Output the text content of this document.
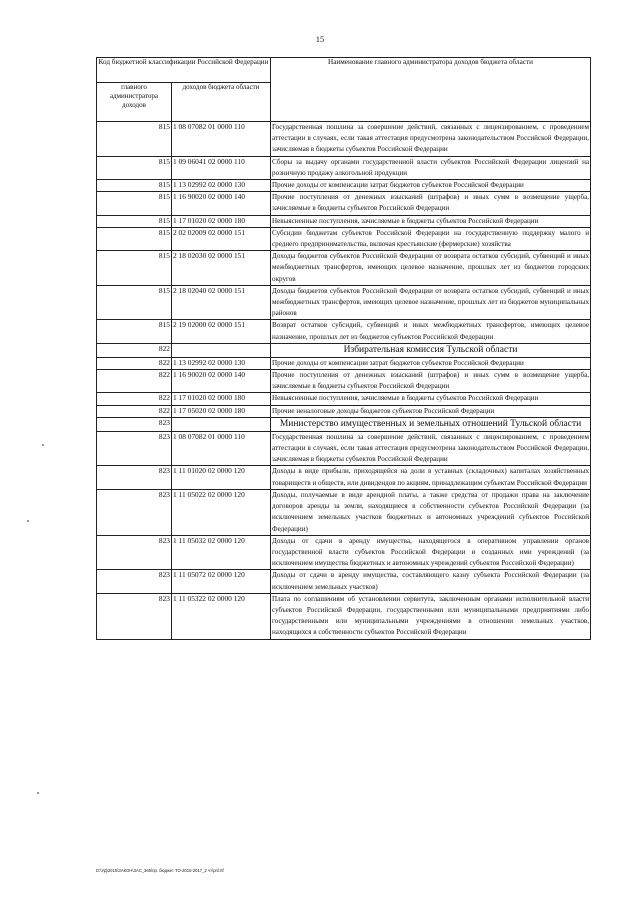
15
Код бюджетной классификации Российской Федерации		Наименование главного администратора доходов бюджета области
главного администратора доходов	доходов бюджета области	
815	1 08 07082 01 0000 110	Государственная пошлина за совершение действий, связанных с лицензированием, с проведением аттестации в случаях, если такая аттестация предусмотрена законодательством Российской Федерации, зачисляемая в бюджеты субъектов Российской Федерации
815	1 09 06041 02 0000 110	Сборы за выдачу органами государственной власти субъектов Российской Федерации лицензий на розничную продажу алкогольной продукции
815	1 13 02992 02 0000 130	Прочие доходы от компенсации затрат бюджетов субъектов Российской Федерации
815	1 16 90020 02 0000 140	Прочие поступления от денежных взысканий (штрафов) и иных сумм в возмещение ущерба, зачисляемые в бюджеты субъектов Российской Федерации
815	1 17 01020 02 0000 180	Невыясненные поступления, зачисляемые в бюджеты субъектов Российской Федерации
815	2 02 02009 02 0000 151	Субсидии бюджетам субъектов Российской Федерации на государственную поддержку малого и среднего предпринимательства, включая крестьянские (фермерские) хозяйства
815	2 18 02030 02 0000 151	Доходы бюджетов субъектов Российской Федерации от возврата остатков субсидий, субвенций и иных межбюджетных трансфертов, имеющих целевое назначение, прошлых лет из бюджетов городских округов
815	2 18 02040 02 0000 151	Доходы бюджетов субъектов Российской Федерации от возврата остатков субсидий, субвенций и иных межбюджетных трансфертов, имеющих целевое назначение, прошлых лет из бюджетов муниципальных районов
815	2 19 02000 02 0000 151	Возврат остатков субсидий, субвенций и иных межбюджетных трансфертов, имеющих целевое назначение, прошлых лет из бюджетов субъектов Российской Федерации
822		Избирательная комиссия Тульской области
822	1 13 02992 02 0000 130	Прочие доходы от компенсации затрат бюджетов субъектов Российской Федерации
822	1 16 90020 02 0000 140	Прочие поступления от денежных взысканий (штрафов) и иных сумм в возмещение ущерба, зачисляемые в бюджеты субъектов Российской Федерации
822	1 17 01020 02 0000 180	Невыясненные поступления, зачисляемые в бюджеты субъектов Российской Федерации
822	1 17 05020 02 0000 180	Прочие неналоговые доходы бюджетов субъектов Российской Федерации
823		Министерство имущественных и земельных отношений Тульской области
823	1 08 07082 01 0000 110	Государственная пошлина за совершение действий, связанных с лицензированием, с проведением аттестации в случаях, если такая аттестация предусмотрена законодательством Российской Федерации, зачисляемая в бюджеты субъектов Российской Федерации
823	1 11 01020 02 0000 120	Доходы в виде прибыли, приходящейся на доли в уставных (складочных) капиталах хозяйственных товариществ и обществ, или дивидендов по акциям, принадлежащим субъектам Российской Федерации
823	1 11 05022 02 0000 120	Доходы, получаемые в виде арендной платы, а также средства от продажи права на заключение договоров аренды за земли, находящиеся в собственности субъектов Российской Федерации (за исключением земельных участков бюджетных и автономных учреждений субъектов Российской Федерации)
823	1 11 05032 02 0000 120	Доходы от сдачи в аренду имущества, находящегося в оперативном управлении органов государственной власти субъектов Российской Федерации и созданных ими учреждений (за исключением имущества бюджетных и автономных учреждений субъектов Российской Федерации)
823	1 11 05072 02 0000 120	Доходы от сдачи в аренду имущества, составляющего казну субъекта Российской Федерации (за исключением земельных участков)
823	1 11 05322 02 0000 120	Плата по соглашениям об установлении сервитута, заключенным органами исполнительной власти субъектов Российской Федерации, государственными или муниципальными предприятиями либо государственными или муниципальными учреждениями в отношении земельных участков, находящихся в собственности субъектов Российской Федерации
D:\УД\2015\ЗАКОН\ЗАС_365\пр. бюджет ТО-2015-2017_2 чт\pril.rtf
